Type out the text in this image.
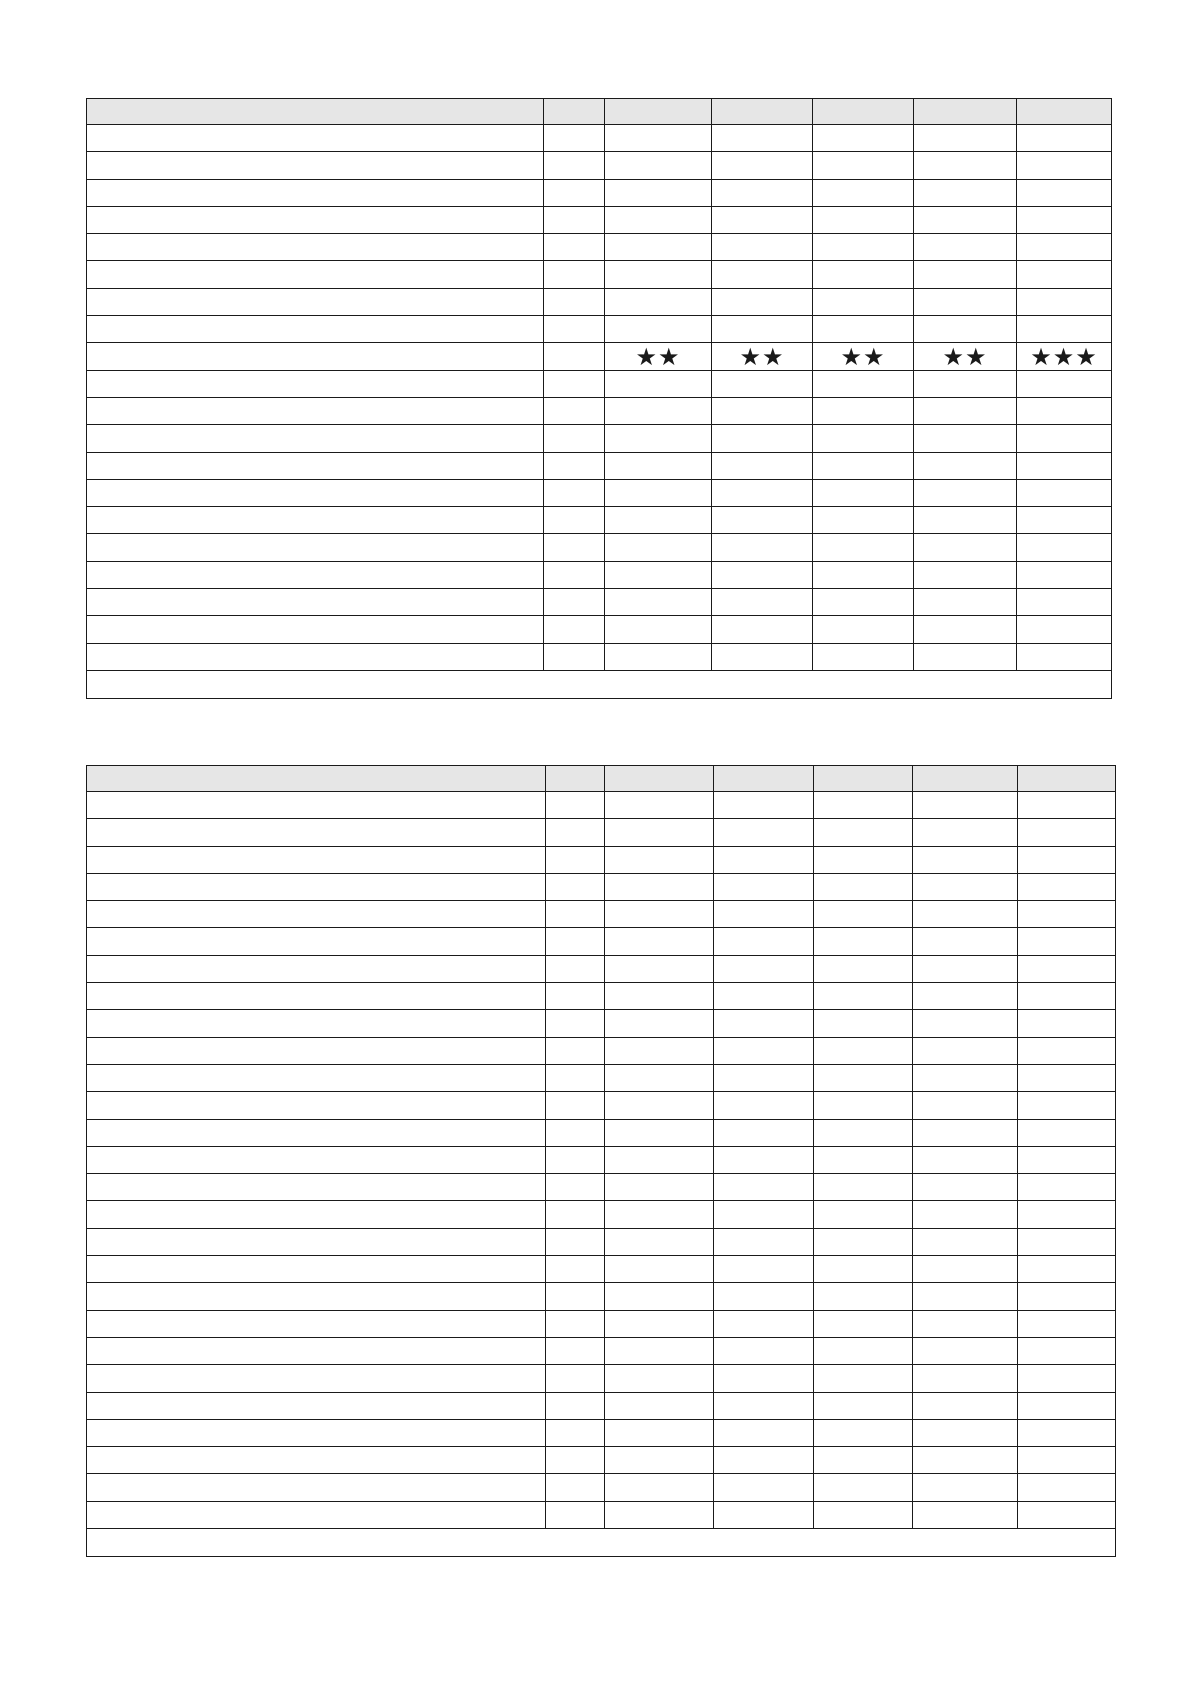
		★★	★★	★★	★★	★★★
